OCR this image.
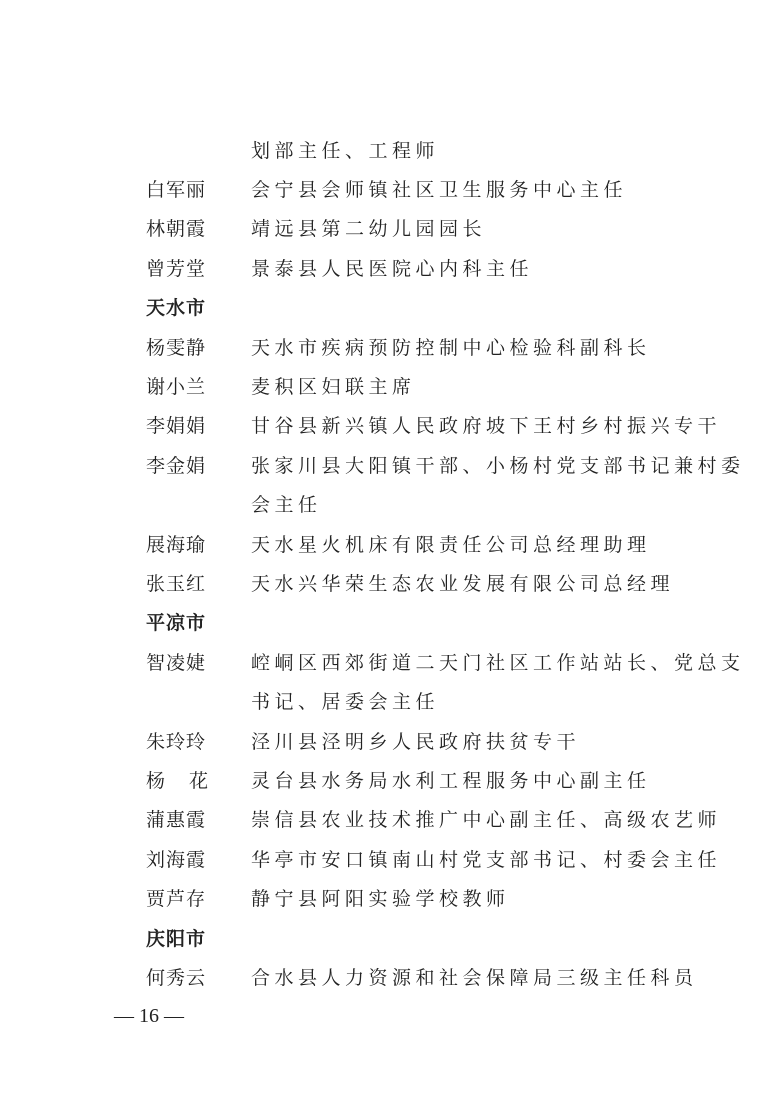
划部主任、工程师
白军丽 会宁县会师镇社区卫生服务中心主任
林朝霞 靖远县第二幼儿园园长
曾芳堂 景泰县人民医院心内科主任
天水市
杨雯静 天水市疾病预防控制中心检验科副科长
谢小兰 麦积区妇联主席
李娟娟 甘谷县新兴镇人民政府坡下王村乡村振兴专干
李金娟 张家川县大阳镇干部、小杨村党支部书记兼村委
会主任
展海瑜 天水星火机床有限责任公司总经理助理
张玉红 天水兴华荣生态农业发展有限公司总经理
平凉市
智凌婕 崆峒区西郊街道二天门社区工作站站长、党总支
书记、居委会主任
朱玲玲 泾川县泾明乡人民政府扶贫专干
杨花 灵台县水务局水利工程服务中心副主任
蒲惠霞 崇信县农业技术推广中心副主任、高级农艺师
刘海霞 华亭市安口镇南山村党支部书记、村委会主任
贾芦存 静宁县阿阳实验学校教师
庆阳市
何秀云 合水县人力资源和社会保障局三级主任科员
— 16 —
